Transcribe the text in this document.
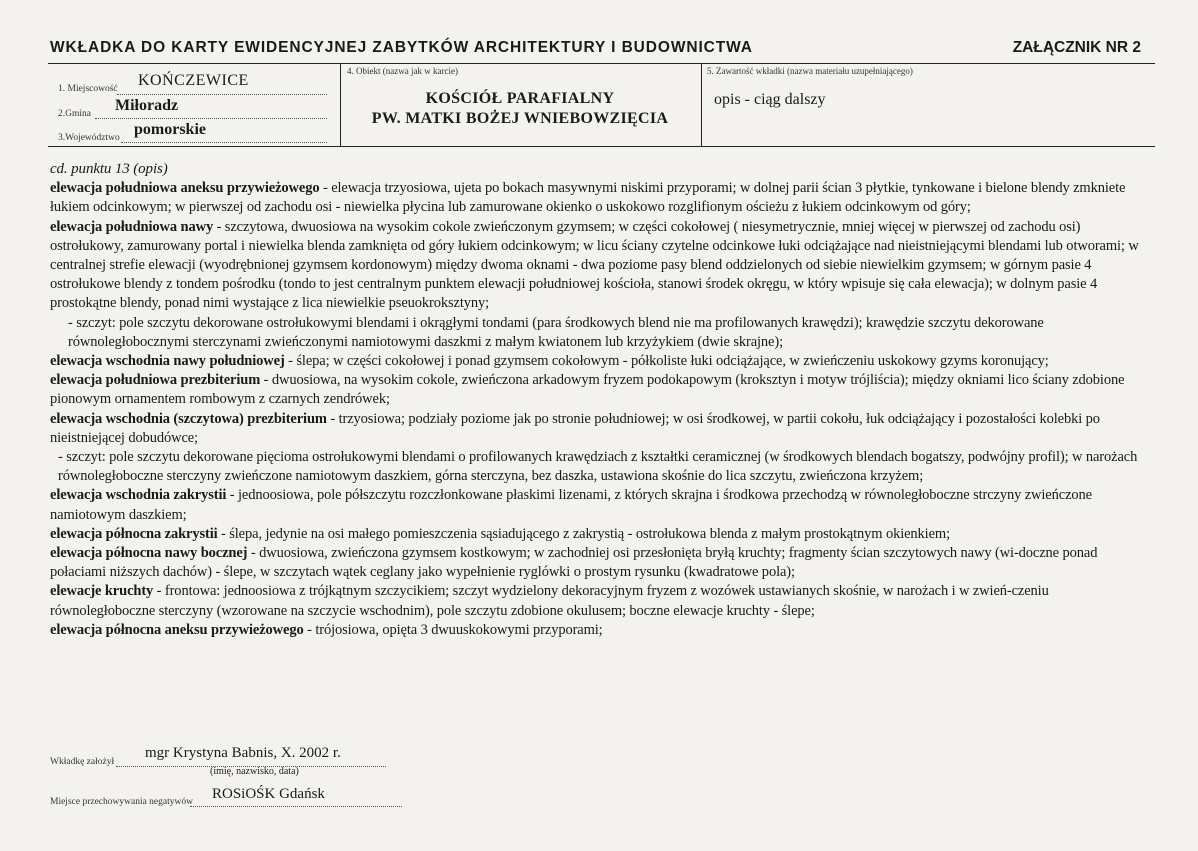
WKŁADKA DO KARTY EWIDENCYJNEJ ZABYTKÓW ARCHITEKTURY I BUDOWNICTWA	ZAŁĄCZNIK NR 2
1. Miejscowość KOŃCZEWICE
2.Gmina Miłoradz
3.Województwo pomorskie
4. Obiekt (nazwa jak w karcie)
KOŚCIÓŁ PARAFIALNY
PW. MATKI BOŻEJ WNIEBOWZIĘCIA
5. Zawartość wkładki (nazwa materiału uzupełniającego)
opis - ciąg dalszy

cd. punktu 13 (opis)

elewacja południowa aneksu przywieżowego - elewacja trzyosiowa, ujeta po bokach masywnymi niskimi przyporami; w dolnej parii ścian 3 płytkie, tynkowane i bielone blendy zmkniete łukiem odcinkowym; w pierwszej od zachodu osi - niewielka płycina lub zamurowane okienko o uskokowo rozglifionym ościeżu z łukiem odcinkowym od góry;

elewacja południowa nawy - szczytowa, dwuosiowa na wysokim cokole zwieńczonym gzymsem; w części cokołowej ( niesymetrycznie, mniej więcej w pierwszej od zachodu osi) ostrołukowy, zamurowany portal i niewielka blenda zamknięta od góry łukiem odcinkowym; w licu ściany czytelne odcinkowe łuki odciążające nad nieistniejącymi blendami lub otworami; w centralnej strefie elewacji (wyodrębnionej gzymsem kordonowym) między dwoma oknami - dwa poziome pasy blend oddzielonych od siebie niewielkim gzymsem; w górnym pasie 4 ostrołukowe blendy z tondem pośrodku (tondo to jest centralnym punktem elewacji południowej kościoła, stanowi środek okręgu, w który wpisuje się cała elewacja); w dolnym pasie 4 prostokątne blendy, ponad nimi wystające z lica niewielkie pseuokroksztyny;

- szczyt: pole szczytu dekorowane ostrołukowymi blendami i okrągłymi tondami (para środkowych blend nie ma profilowanych krawędzi); krawędzie szczytu dekorowane równoległobocznymi sterczynami zwieńczonymi namiotowymi daszkmi z małym kwiatonem lub krzyżykiem (dwie skrajne);

elewacja wschodnia nawy południowej - ślepa; w części cokołowej i ponad gzymsem cokołowym - półkoliste łuki odciążające, w zwieńczeniu uskokowy gzyms koronujący;

elewacja południowa prezbiterium - dwuosiowa, na wysokim cokole, zwieńczona arkadowym fryzem podokapowym (kroksztyn i motyw trójliścia); między okniami lico ściany zdobione pionowym ornamentem rombowym z czarnych zendrówek;

elewacja wschodnia (szczytowa) prezbiterium - trzyosiowa; podziały poziome jak po stronie południowej; w osi środkowej, w partii cokołu, łuk odciążający i pozostałości kolebki po nieistniejącej dobudówce;

- szczyt: pole szczytu dekorowane pięcioma ostrołukowymi blendami o profilowanych krawędziach z kształtki ceramicznej (w środkowych blendach bogatszy, podwójny profil); w narożach równoległoboczne sterczyny zwieńczone namiotowym daszkiem, górna sterczyna, bez daszka, ustawiona skośnie do lica szczytu, zwieńczona krzyżem;

elewacja wschodnia zakrystii - jednoosiowa, pole półszczytu rozczłonkowane płaskimi lizenami, z których skrajna i środkowa przechodzą w równoległoboczne strczyny zwieńczone namiotowym daszkiem;

elewacja północna zakrystii - ślepa, jedynie na osi małego pomieszczenia sąsiadującego z zakrystią - ostrołukowa blenda z małym prostokątnym okienkiem;

elewacja północna nawy bocznej - dwuosiowa, zwieńczona gzymsem kostkowym; w zachodniej osi przesłonięta bryłą kruchty; fragmenty ścian szczytowych nawy (wi-doczne ponad połaciami niższych dachów) - ślepe, w szczytach wątek ceglany jako wypełnienie ryglówki o prostym rysunku (kwadratowe pola);

elewacje kruchty - frontowa: jednoosiowa z trójkątnym szczycikiem; szczyt wydzielony dekoracyjnym fryzem z wozówek ustawianych skośnie, w narożach i w zwień-czeniu równoległoboczne sterczyny (wzorowane na szczycie wschodnim), pole szczytu zdobione okulusem; boczne elewacje kruchty - ślepe;

elewacja północna aneksu przywieżowego - trójosiowa, opięta 3 dwuuskokowymi przyporami;

Wkładkę założył
mgr Krystyna Babnis, X. 2002 r.
(imię, nazwisko, data)
Miejsce przechowywania negatywów ROSiOŚK Gdańsk
